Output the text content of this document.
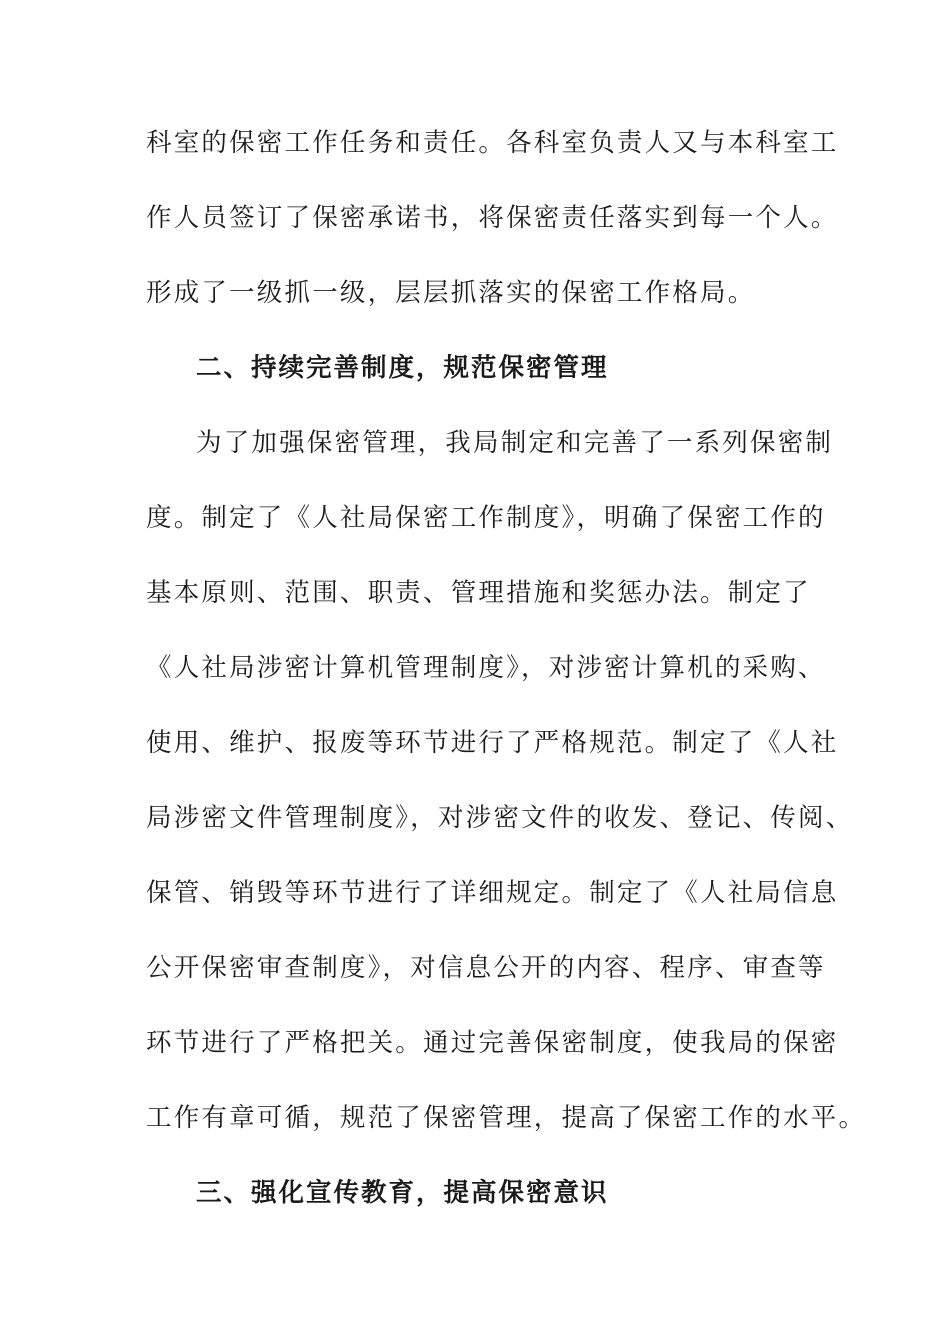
科室的保密工作任务和责任。各科室负责人又与本科室工
作人员签订了保密承诺书，将保密责任落实到每一个人。
形成了一级抓一级，层层抓落实的保密工作格局。
二、持续完善制度，规范保密管理
为了加强保密管理，我局制定和完善了一系列保密制
度。制定了《人社局保密工作制度》，明确了保密工作的
基本原则、范围、职责、管理措施和奖惩办法。制定了
《人社局涉密计算机管理制度》，对涉密计算机的采购、
使用、维护、报废等环节进行了严格规范。制定了《人社
局涉密文件管理制度》，对涉密文件的收发、登记、传阅、
保管、销毁等环节进行了详细规定。制定了《人社局信息
公开保密审查制度》，对信息公开的内容、程序、审查等
环节进行了严格把关。通过完善保密制度，使我局的保密
工作有章可循，规范了保密管理，提高了保密工作的水平。
三、强化宣传教育，提高保密意识
